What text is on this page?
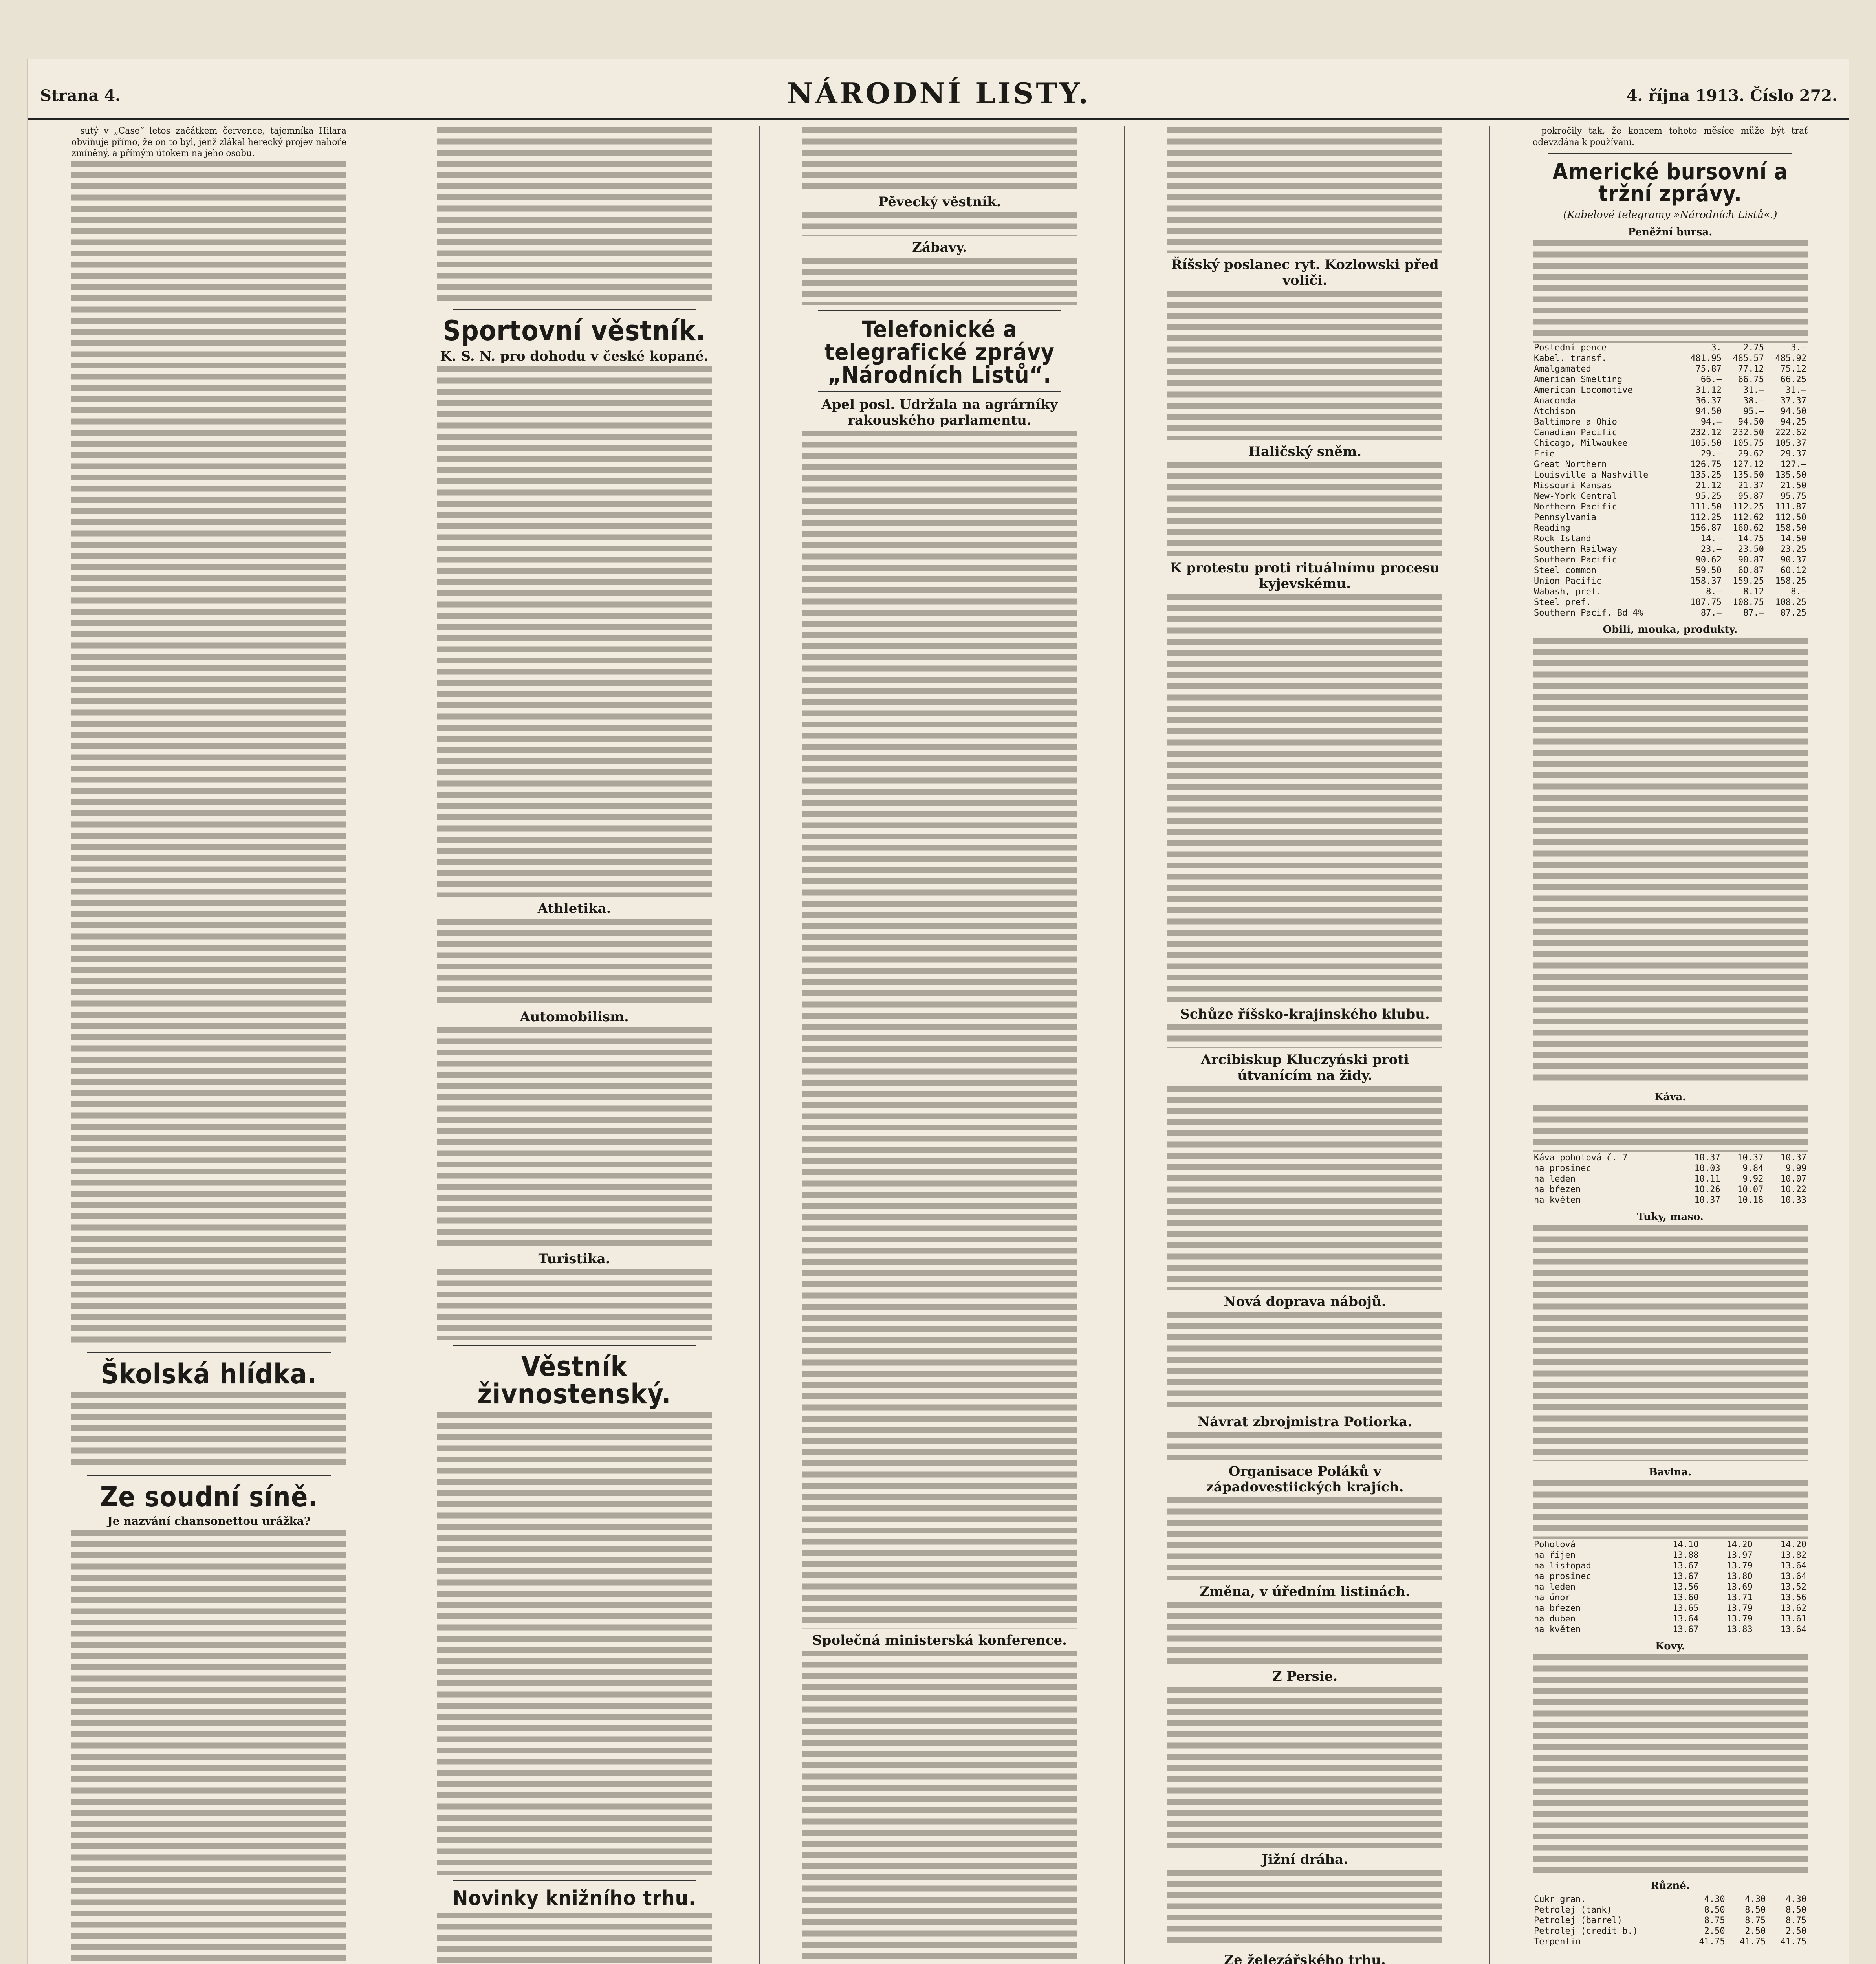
Strana 4.	NÁRODNÍ LISTY.	4. října 1913. Číslo 272.

sutý v „Čase“ letos začátkem července, tajemníka Hilara obviňuje přímo, že on to byl, jenž zlákal herecký projev nahoře zmíněný, a přímým útokem na jeho osobu.

Školská hlídka.
Ze soudní síně.
Je nazvání chansonettou urážka?
Sportovní věstník.
K. S. N. pro dohodu v české kopané.
Athletika.
Automobilism.
Turistika.
Věstník živnostenský.
Novinky knižního trhu.
Pěvecký věstník.
Zábavy.
Telefonické a telegrafické zprávy „Národních Listů“.
Apel posl. Udržala na agrárníky rakouského parlamentu.
Společná ministerská konference.
Říšský poslanec ryt. Kozlowski před voliči.
Haličský sněm.
K protestu proti rituálnímu procesu kyjevskému.
Schůze říšsko-krajinského klubu.
Arcibiskup Kluczyński proti útvanícím na židy.
Nová doprava nábojů.
Návrat zbrojmistra Potiorka.
Organisace Poláků v západovestiických krajích.
Změna, v úředním listinách.
Z Persie.
Jižní dráha.
Ze železářského trhu.

pokročily tak, že koncem tohoto měsíce může být trať odevzdána k používání.

Americké bursovní a tržní zprávy.
(Kabelové telegramy »Národních Listů«.)
Peněžní bursa.
Poslední pence	3.	2.75	3.—
Kabel. transf.	481.95	485.57	485.92
Amalgamated	75.87	77.12	75.12
American Smelting	66.—	66.75	66.25
American Locomotive	31.12	31.—	31.—
Anaconda	36.37	38.—	37.37
Atchison	94.50	95.—	94.50
Baltimore a Ohio	94.—	94.50	94.25
Canadian Pacific	232.12	232.50	222.62
Chicago, Milwaukee	105.50	105.75	105.37
Erie	29.—	29.62	29.37
Great Northern	126.75	127.12	127.—
Louisville a Nashville	135.25	135.50	135.50
Missouri Kansas	21.12	21.37	21.50
New-York Central	95.25	95.87	95.75
Northern Pacific	111.50	112.25	111.87
Pennsylvania	112.25	112.62	112.50
Reading	156.87	160.62	158.50
Rock Island	14.—	14.75	14.50
Southern Railway	23.—	23.50	23.25
Southern Pacific	90.62	90.87	90.37
Steel common	59.50	60.87	60.12
Union Pacific	158.37	159.25	158.25
Wabash, pref.	8.—	8.12	8.—
Steel pref.	107.75	108.75	108.25
Southern Pacif. Bd 4%	87.—	87.—	87.25
Obilí, mouka, produkty.
Káva.
Káva pohotová č. 7	10.37	10.37	10.37
na prosinec	10.03	9.84	9.99
na leden	10.11	9.92	10.07
na březen	10.26	10.07	10.22
na květen	10.37	10.18	10.33
Tuky, maso.
Bavlna.
Pohotová	14.10	14.20	14.20
na říjen	13.88	13.97	13.82
na listopad	13.67	13.79	13.64
na prosinec	13.67	13.80	13.64
na leden	13.56	13.69	13.52
na únor	13.60	13.71	13.56
na březen	13.65	13.79	13.62
na duben	13.64	13.79	13.61
na květen	13.67	13.83	13.64
Kovy.
Různé.
Cukr gran.	4.30	4.30	4.30
Petrolej (tank)	8.50	8.50	8.50
Petrolej (barrel)	8.75	8.75	8.75
Petrolej (credit b.)	2.50	2.50	2.50
Terpentin	41.75	41.75	41.75
